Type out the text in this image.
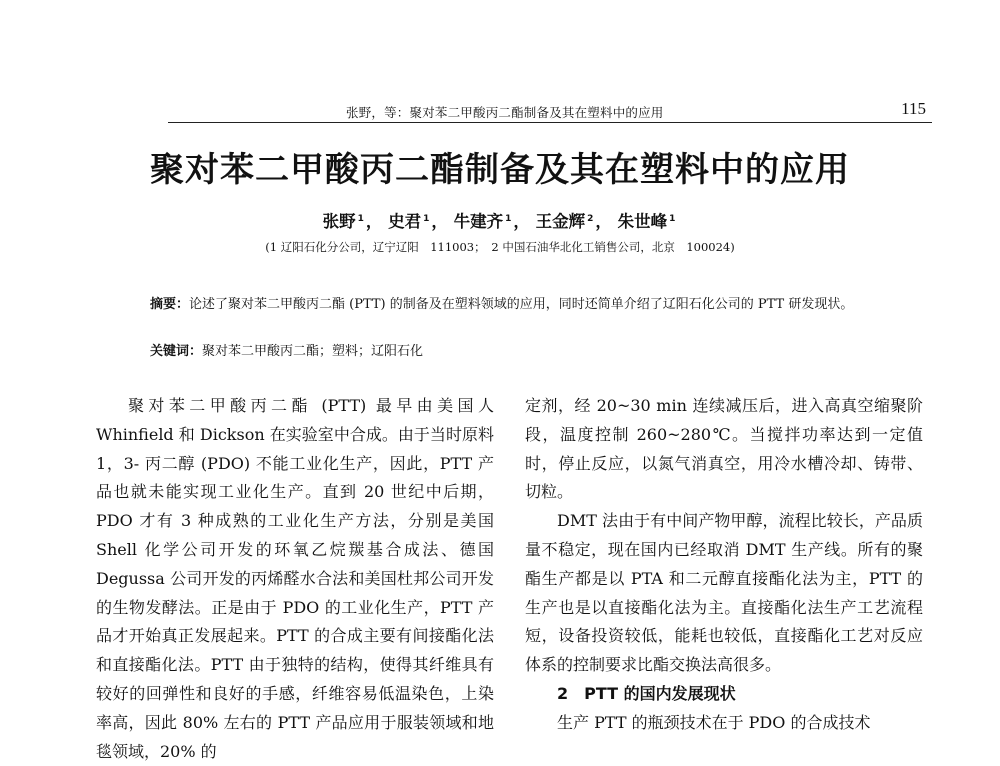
张野，等：聚对苯二甲酸丙二酯制备及其在塑料中的应用	115
聚对苯二甲酸丙二酯制备及其在塑料中的应用
张野 $^1$ ， 史君 $^1$ ， 牛建齐 $^1$ ， 王金辉 $^2$ ， 朱世峰 $^1$
(1 辽阳石化分公司，辽宁辽阳　111003；　2 中国石油华北化工销售公司，北京　100024)
摘要：论述了聚对苯二甲酸丙二酯 (PTT) 的制备及在塑料领域的应用，同时还简单介绍了辽阳石化公司的 PTT 研发现状。
关键词：聚对苯二甲酸丙二酯；塑料；辽阳石化

聚对苯二甲酸丙二酯 (PTT) 最早由美国人 Whinfield 和 Dickson 在实验室中合成。由于当时原料 1，3- 丙二醇 (PDO) 不能工业化生产，因此，PTT 产品也就未能实现工业化生产。直到 20 世纪中后期，PDO 才有 3 种成熟的工业化生产方法，分别是美国 Shell 化学公司开发的环氧乙烷羰基合成法、德国 Degussa 公司开发的丙烯醛水合法和美国杜邦公司开发的生物发酵法。正是由于 PDO 的工业化生产，PTT 产品才开始真正发展起来。PTT 的合成主要有间接酯化法和直接酯化法。PTT 由于独特的结构，使得其纤维具有较好的回弹性和良好的手感，纤维容易低温染色，上染率高，因此 80% 左右的 PTT 产品应用于服装领域和地毯领域，20% 的

定剂，经 20~30 min 连续减压后，进入高真空缩聚阶段，温度控制 260~280℃。当搅拌功率达到一定值时，停止反应，以氮气消真空，用冷水槽冷却、铸带、切粒。

DMT 法由于有中间产物甲醇，流程比较长，产品质量不稳定，现在国内已经取消 DMT 生产线。所有的聚酯生产都是以 PTA 和二元醇直接酯化法为主，PTT 的生产也是以直接酯化法为主。直接酯化法生产工艺流程短，设备投资较低，能耗也较低，直接酯化工艺对反应体系的控制要求比酯交换法高很多。

2　PTT 的国内发展现状

生产 PTT 的瓶颈技术在于 PDO 的合成技术
